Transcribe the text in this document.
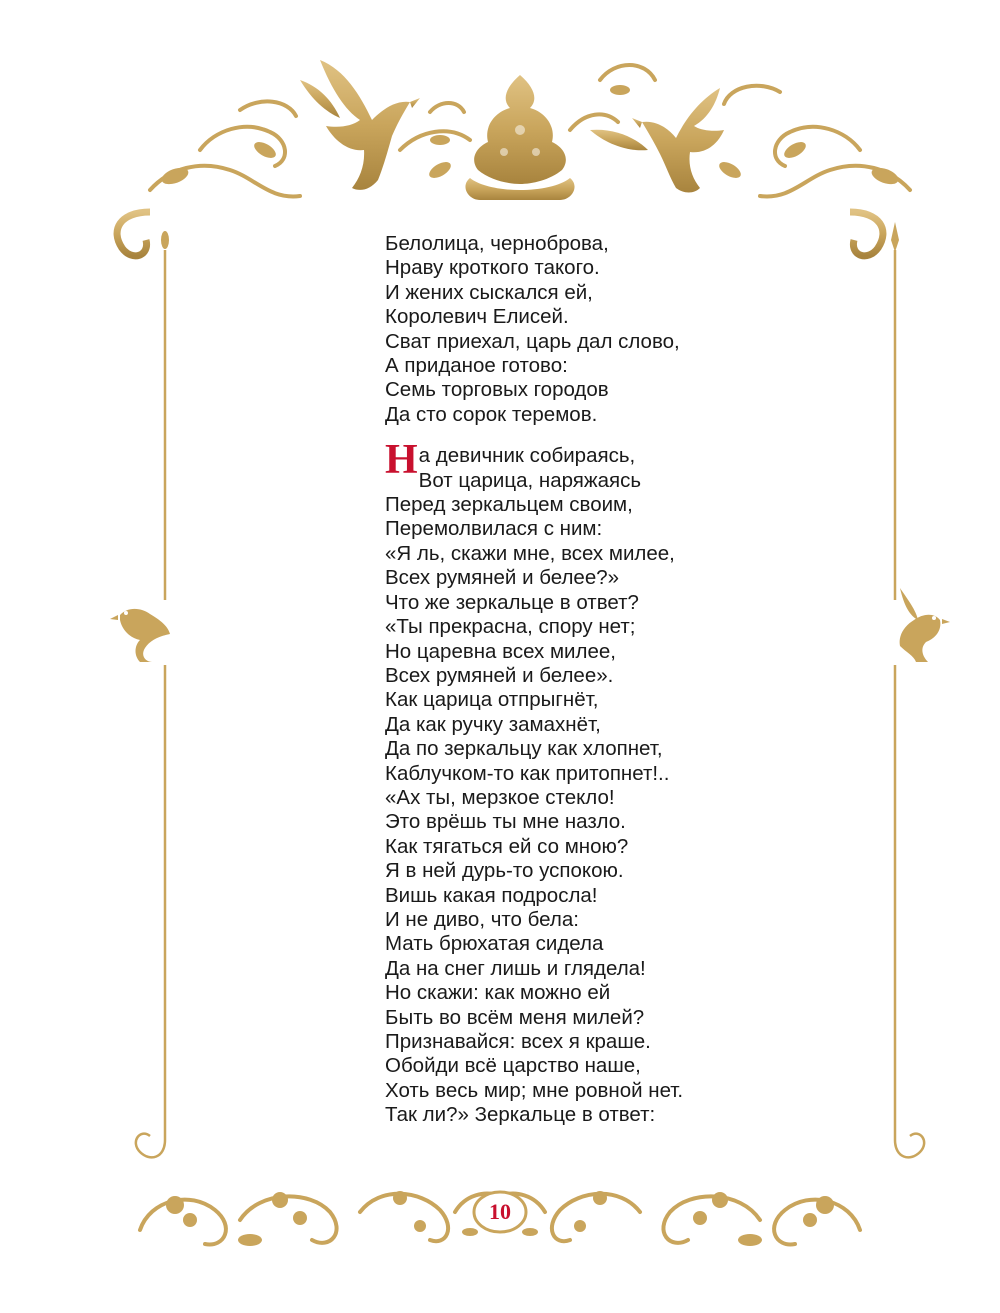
Белолица, черноброва,
Нраву кроткого такого.
И жених сыскался ей,
Королевич Елисей.
Сват приехал, царь дал слово,
А приданое готово:
Семь торговых городов
Да сто сорок теремов.
На девичник собираясь,
Вот царица, наряжаясь
Перед зеркальцем своим,
Перемолвилася с ним:
«Я ль, скажи мне, всех милее,
Всех румяней и белее?»
Что же зеркальце в ответ?
«Ты прекрасна, спору нет;
Но царевна всех милее,
Всех румяней и белее».
Как царица отпрыгнёт,
Да как ручку замахнёт,
Да по зеркальцу как хлопнет,
Каблучком-то как притопнет!..
«Ах ты, мерзкое стекло!
Это врёшь ты мне назло.
Как тягаться ей со мною?
Я в ней дурь-то успокою.
Вишь какая подросла!
И не диво, что бела:
Мать брюхатая сидела
Да на снег лишь и глядела!
Но скажи: как можно ей
Быть во всём меня милей?
Признавайся: всех я краше.
Обойди всё царство наше,
Хоть весь мир; мне ровной нет.
Так ли?» Зеркальце в ответ:
10
